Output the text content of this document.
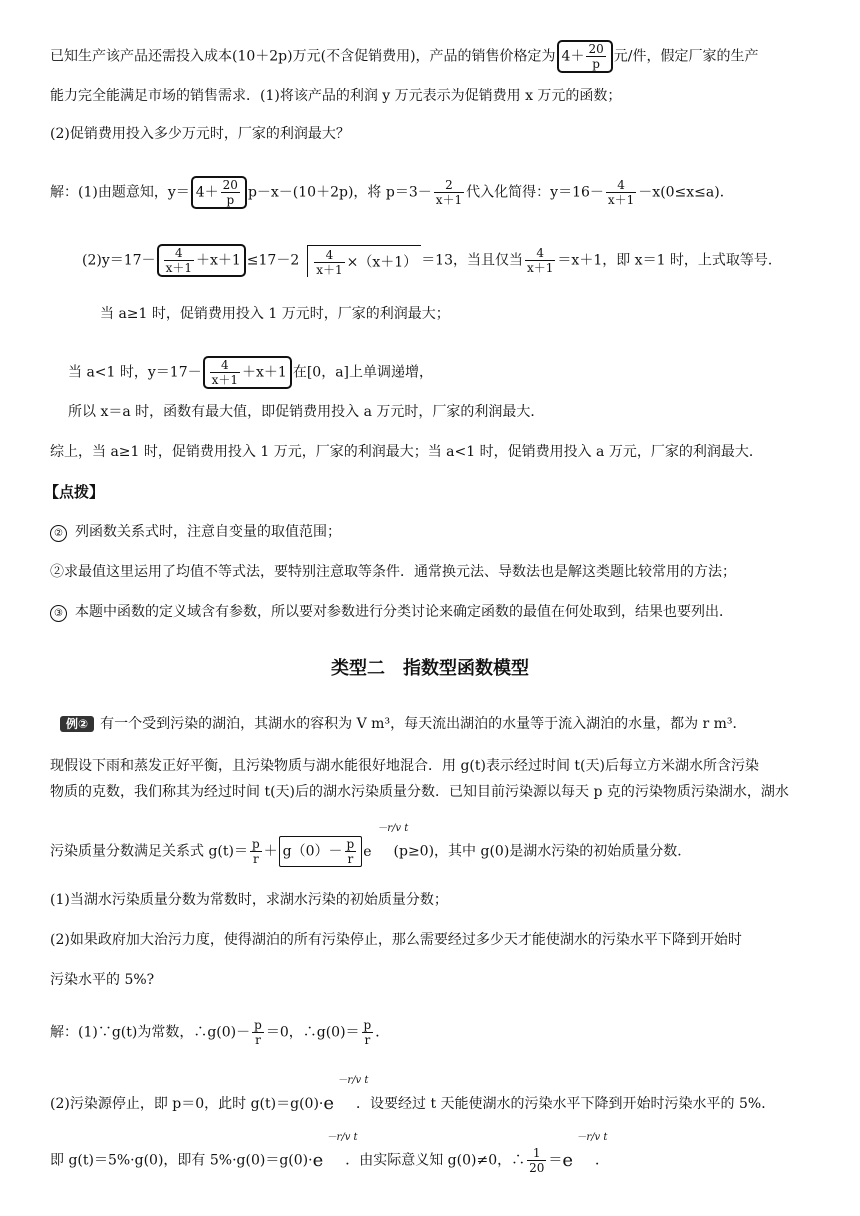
已知生产该产品还需投入成本(10＋2p)万元(不含促销费用)，产品的销售价格定为 $4+ \frac{20}{p}$ 元/件，假定厂家的生产
能力完全能满足市场的销售需求．(1)将该产品的利润 y 万元表示为促销费用 x 万元的函数；
(2)促销费用投入多少万元时，厂家的利润最大？
解：(1)由题意知，$y= 4+ \frac{20}{p} p-x-(10+2p)$，将 $p=3- \frac{2}{x+1}$ 代入化简得：$y=16- \frac{4}{x+1} -x(0\le x\le a)$．
$(2)y=17- \frac{4}{x+1} +x+1 \le 17-2 \frac{4}{x+1} \times(x+1) =13$，当且仅当 $\frac{4}{x+1} =x+1$，即 x＝1 时，上式取等号．
当 a≥1 时，促销费用投入 1 万元时，厂家的利润最大；
当 a<1 时，$y=17- \frac{4}{x+1} +x+1$ 在[0，a]上单调递增，
所以 x＝a 时，函数有最大值，即促销费用投入 a 万元时，厂家的利润最大．
综上，当 a≥1 时，促销费用投入 1 万元，厂家的利润最大；当 a<1 时，促销费用投入 a 万元，厂家的利润最大．
【点拨】
② 列函数关系式时，注意自变量的取值范围；
②求最值这里运用了均值不等式法，要特别注意取等条件．通常换元法、导数法也是解这类题比较常用的方法；
③ 本题中函数的定义域含有参数，所以要对参数进行分类讨论来确定函数的最值在何处取到，结果也要列出．
类型二　指数型函数模型
例② 有一个受到污染的湖泊，其湖水的容积为 V m³，每天流出湖泊的水量等于流入湖泊的水量，都为 r m³．
现假设下雨和蒸发正好平衡，且污染物质与湖水能很好地混合．用 g(t)表示经过时间 t(天)后每立方米湖水所含污染
物质的克数，我们称其为经过时间 t(天)后的湖水污染质量分数．已知目前污染源以每天 p 克的污染物质污染湖水，湖水
污染质量分数满足关系式 $g(t)= \frac{p}{r} + g(0)- \frac{p}{r}$ e
－r/v t
(p≥0)，其中 g(0)是湖水污染的初始质量分数．
(1)当湖水污染质量分数为常数时，求湖水污染的初始质量分数；
(2)如果政府加大治污力度，使得湖泊的所有污染停止，那么需要经过多少天才能使湖水的污染水平下降到开始时
污染水平的 5%?
解：(1)∵g(t)为常数，∴g(0)－ $\frac{p}{r} =0$，∴g(0)＝ $\frac{p}{r}$ ．
(2)污染源停止，即 p＝0，此时 g(t)＝g(0)·e
－r/v t
．设要经过 t 天能使湖水的污染水平下降到开始时污染水平的 5%．
即 g(t)＝5%·g(0)，即有 5%·g(0)＝g(0)·e
－r/v t
．由实际意义知 g(0)≠0，∴ $\frac{1}{20} =e$
－r/v t
．
